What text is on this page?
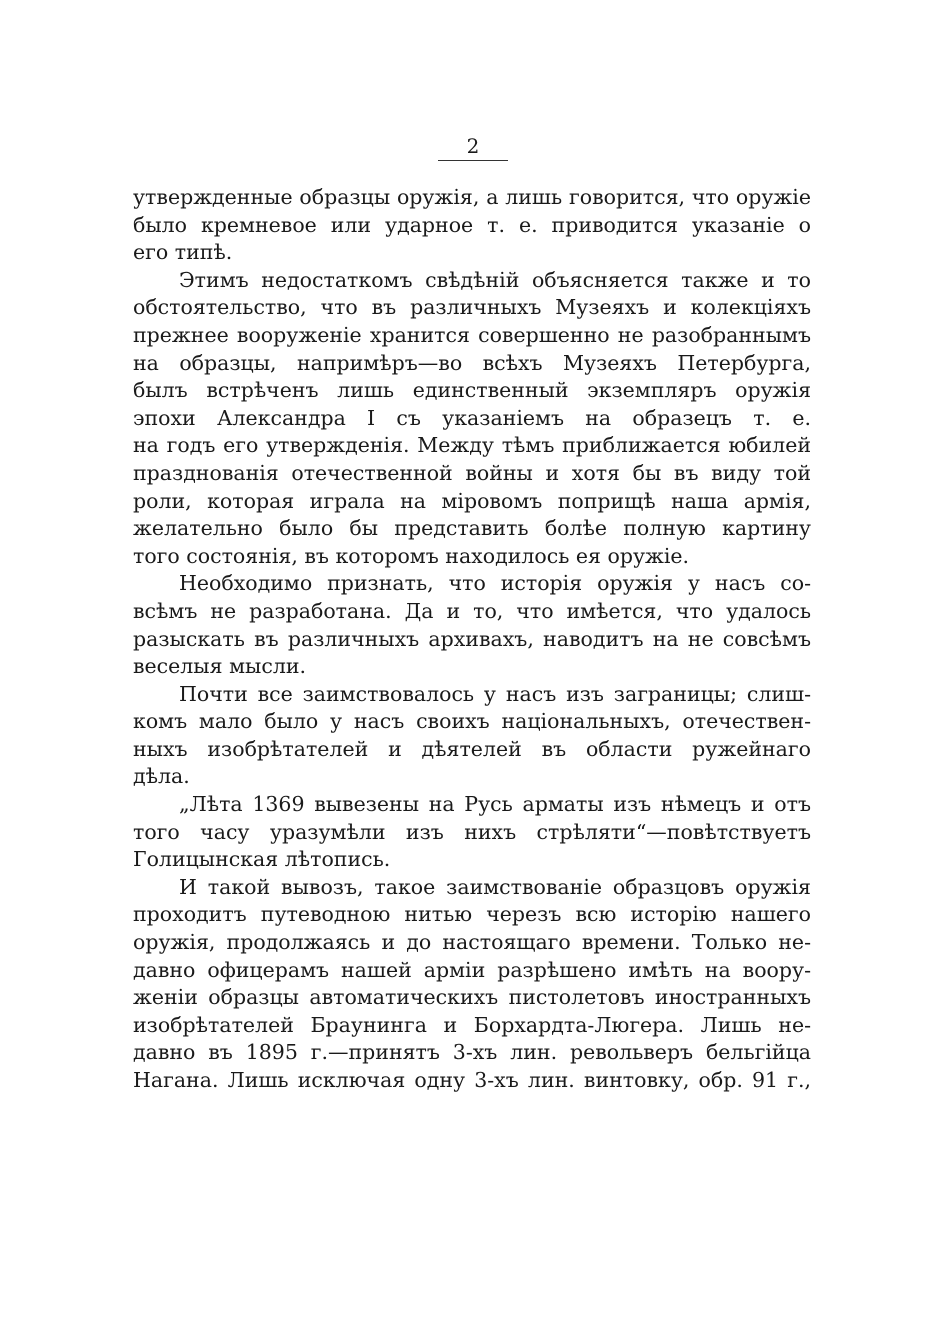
2
утвержденные образцы оружія, а лишь говорится, что оружіе
было кремневое или ударное т. е. приводится указаніе о
его типѣ.
Этимъ недостаткомъ свѣдѣній объясняется также и то
обстоятельство, что въ различныхъ Музеяхъ и колекціяхъ
прежнее вооруженіе хранится совершенно не разобраннымъ
на образцы, напримѣръ—во всѣхъ Музеяхъ Петербурга,
былъ встрѣченъ лишь единственный экземпляръ оружія
эпохи Александра I съ указаніемъ на образецъ т. е.
на годъ его утвержденія. Между тѣмъ приближается юбилей
празднованія отечественной войны и хотя бы въ виду той
роли, которая играла на міровомъ поприщѣ наша армія,
желательно было бы представить болѣе полную картину
того состоянія, въ которомъ находилось ея оружіе.
Необходимо признать, что исторія оружія у насъ со-
всѣмъ не разработана. Да и то, что имѣется, что удалось
разыскать въ различныхъ архивахъ, наводитъ на не совсѣмъ
веселыя мысли.
Почти все заимствовалось у насъ изъ заграницы; слиш-
комъ мало было у насъ своихъ національныхъ, отечествен-
ныхъ изобрѣтателей и дѣятелей въ области ружейнаго
дѣла.
„Лѣта 1369 вывезены на Русь арматы изъ нѣмецъ и отъ
того часу уразумѣли изъ нихъ стрѣляти“—повѣтствуетъ
Голицынская лѣтопись.
И такой вывозъ, такое заимствованіе образцовъ оружія
проходитъ путеводною нитью черезъ всю исторію нашего
оружія, продолжаясь и до настоящаго времени. Только не-
давно офицерамъ нашей арміи разрѣшено имѣть на воору-
женіи образцы автоматическихъ пистолетовъ иностранныхъ
изобрѣтателей Браунинга и Борхардта-Люгера. Лишь не-
давно въ 1895 г.—принятъ 3-хъ лин. револьверъ бельгійца
Нагана. Лишь исключая одну 3-хъ лин. винтовку, обр. 91 г.,
